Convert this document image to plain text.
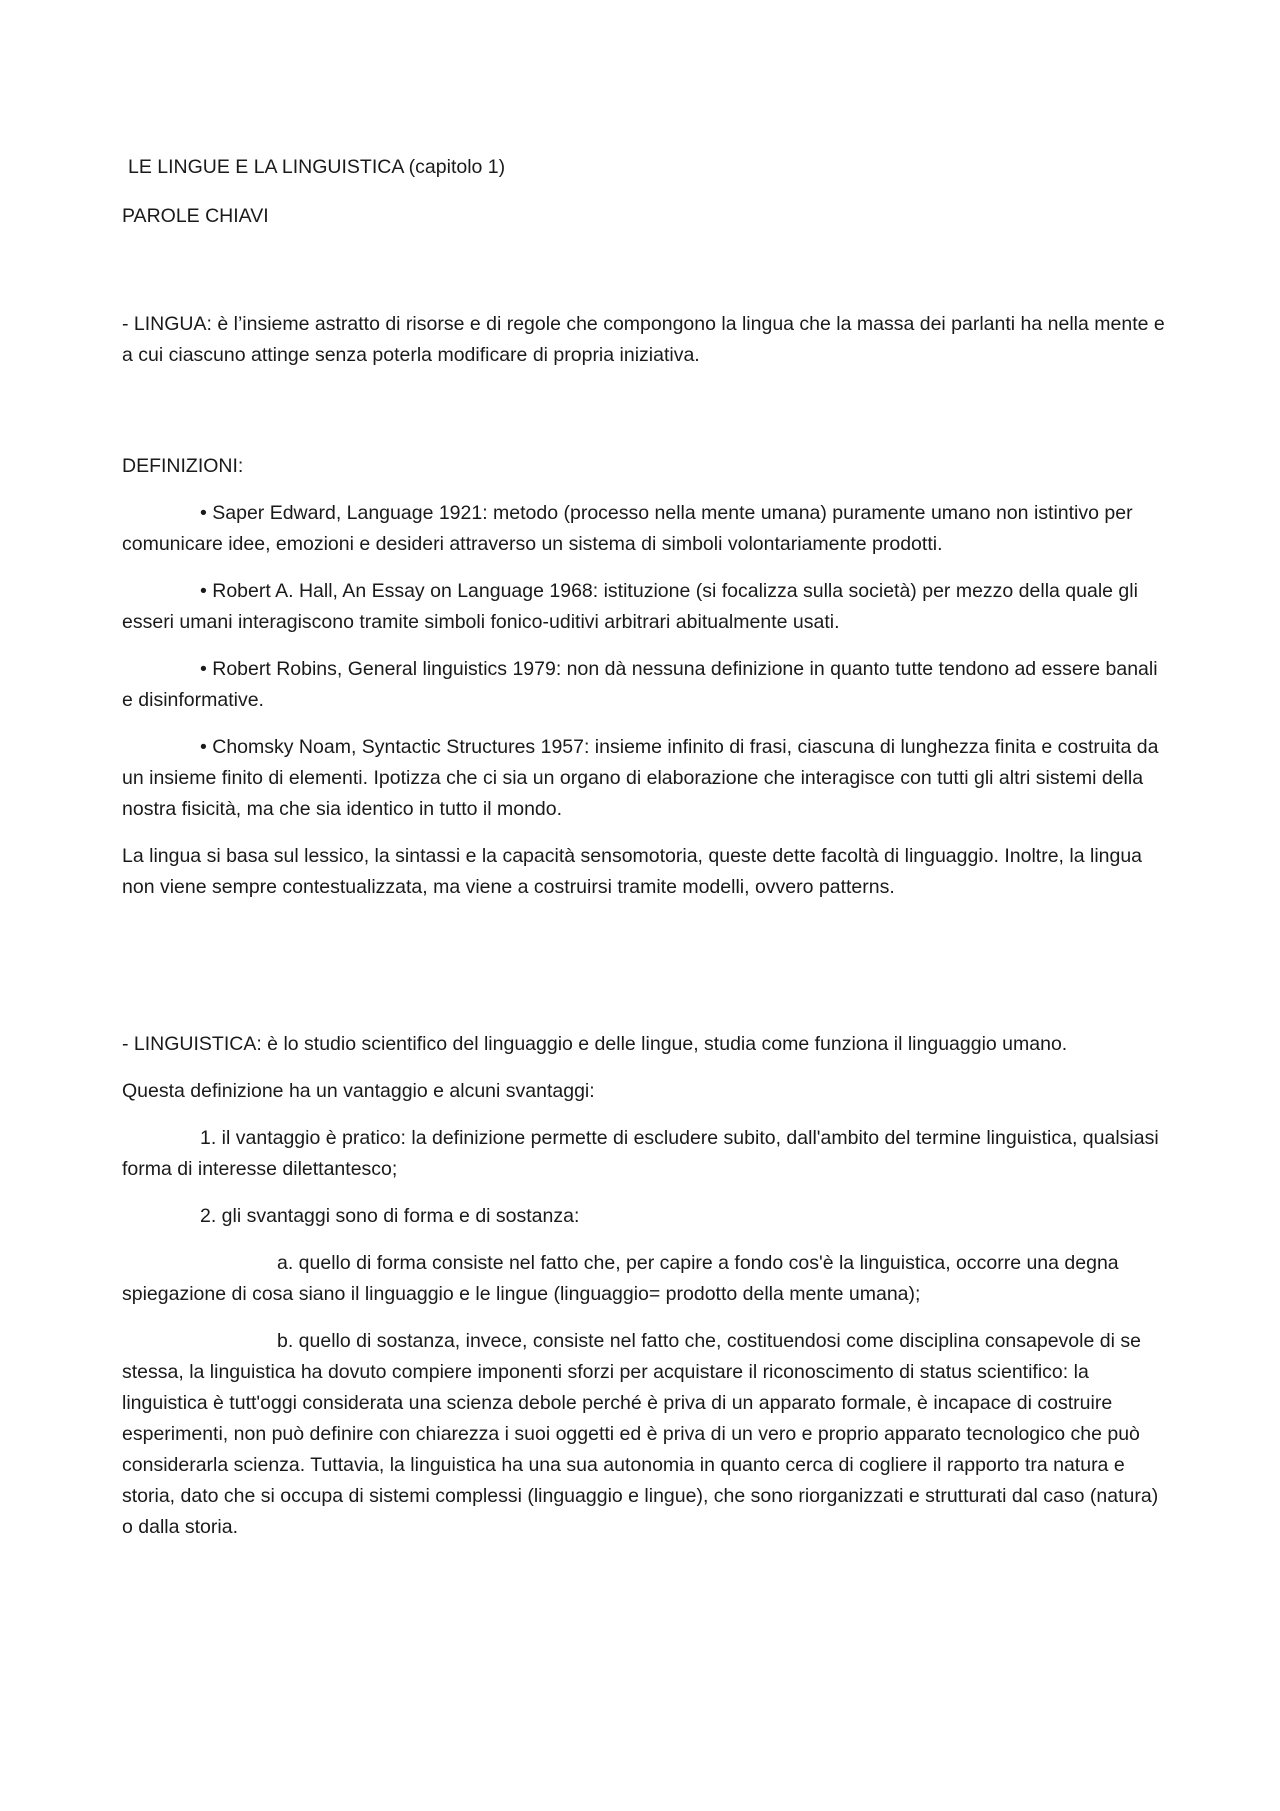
LE LINGUE E LA LINGUISTICA (capitolo 1)

PAROLE CHIAVI

- LINGUA: è l’insieme astratto di risorse e di regole che compongono la lingua che la massa dei parlanti ha nella mente e a cui ciascuno attinge senza poterla modificare di propria iniziativa.

DEFINIZIONI:

• Saper Edward, Language 1921: metodo (processo nella mente umana) puramente umano non istintivo per comunicare idee, emozioni e desideri attraverso un sistema di simboli volontariamente prodotti.

• Robert A. Hall, An Essay on Language 1968: istituzione (si focalizza sulla società) per mezzo della quale gli esseri umani interagiscono tramite simboli fonico-uditivi arbitrari abitualmente usati.

• Robert Robins, General linguistics 1979: non dà nessuna definizione in quanto tutte tendono ad essere banali e disinformative.

• Chomsky Noam, Syntactic Structures 1957: insieme infinito di frasi, ciascuna di lunghezza finita e costruita da un insieme finito di elementi. Ipotizza che ci sia un organo di elaborazione che interagisce con tutti gli altri sistemi della nostra fisicità, ma che sia identico in tutto il mondo.

La lingua si basa sul lessico, la sintassi e la capacità sensomotoria, queste dette facoltà di linguaggio. Inoltre, la lingua non viene sempre contestualizzata, ma viene a costruirsi tramite modelli, ovvero patterns.

- LINGUISTICA: è lo studio scientifico del linguaggio e delle lingue, studia come funziona il linguaggio umano.

Questa definizione ha un vantaggio e alcuni svantaggi:

1. il vantaggio è pratico: la definizione permette di escludere subito, dall'ambito del termine linguistica, qualsiasi forma di interesse dilettantesco;

2. gli svantaggi sono di forma e di sostanza:

a. quello di forma consiste nel fatto che, per capire a fondo cos'è la linguistica, occorre una degna spiegazione di cosa siano il linguaggio e le lingue (linguaggio= prodotto della mente umana);

b. quello di sostanza, invece, consiste nel fatto che, costituendosi come disciplina consapevole di se stessa, la linguistica ha dovuto compiere imponenti sforzi per acquistare il riconoscimento di status scientifico: la linguistica è tutt'oggi considerata una scienza debole perché è priva di un apparato formale, è incapace di costruire esperimenti, non può definire con chiarezza i suoi oggetti ed è priva di un vero e proprio apparato tecnologico che può considerarla scienza. Tuttavia, la linguistica ha una sua autonomia in quanto cerca di cogliere il rapporto tra natura e storia, dato che si occupa di sistemi complessi (linguaggio e lingue), che sono riorganizzati e strutturati dal caso (natura) o dalla storia.
